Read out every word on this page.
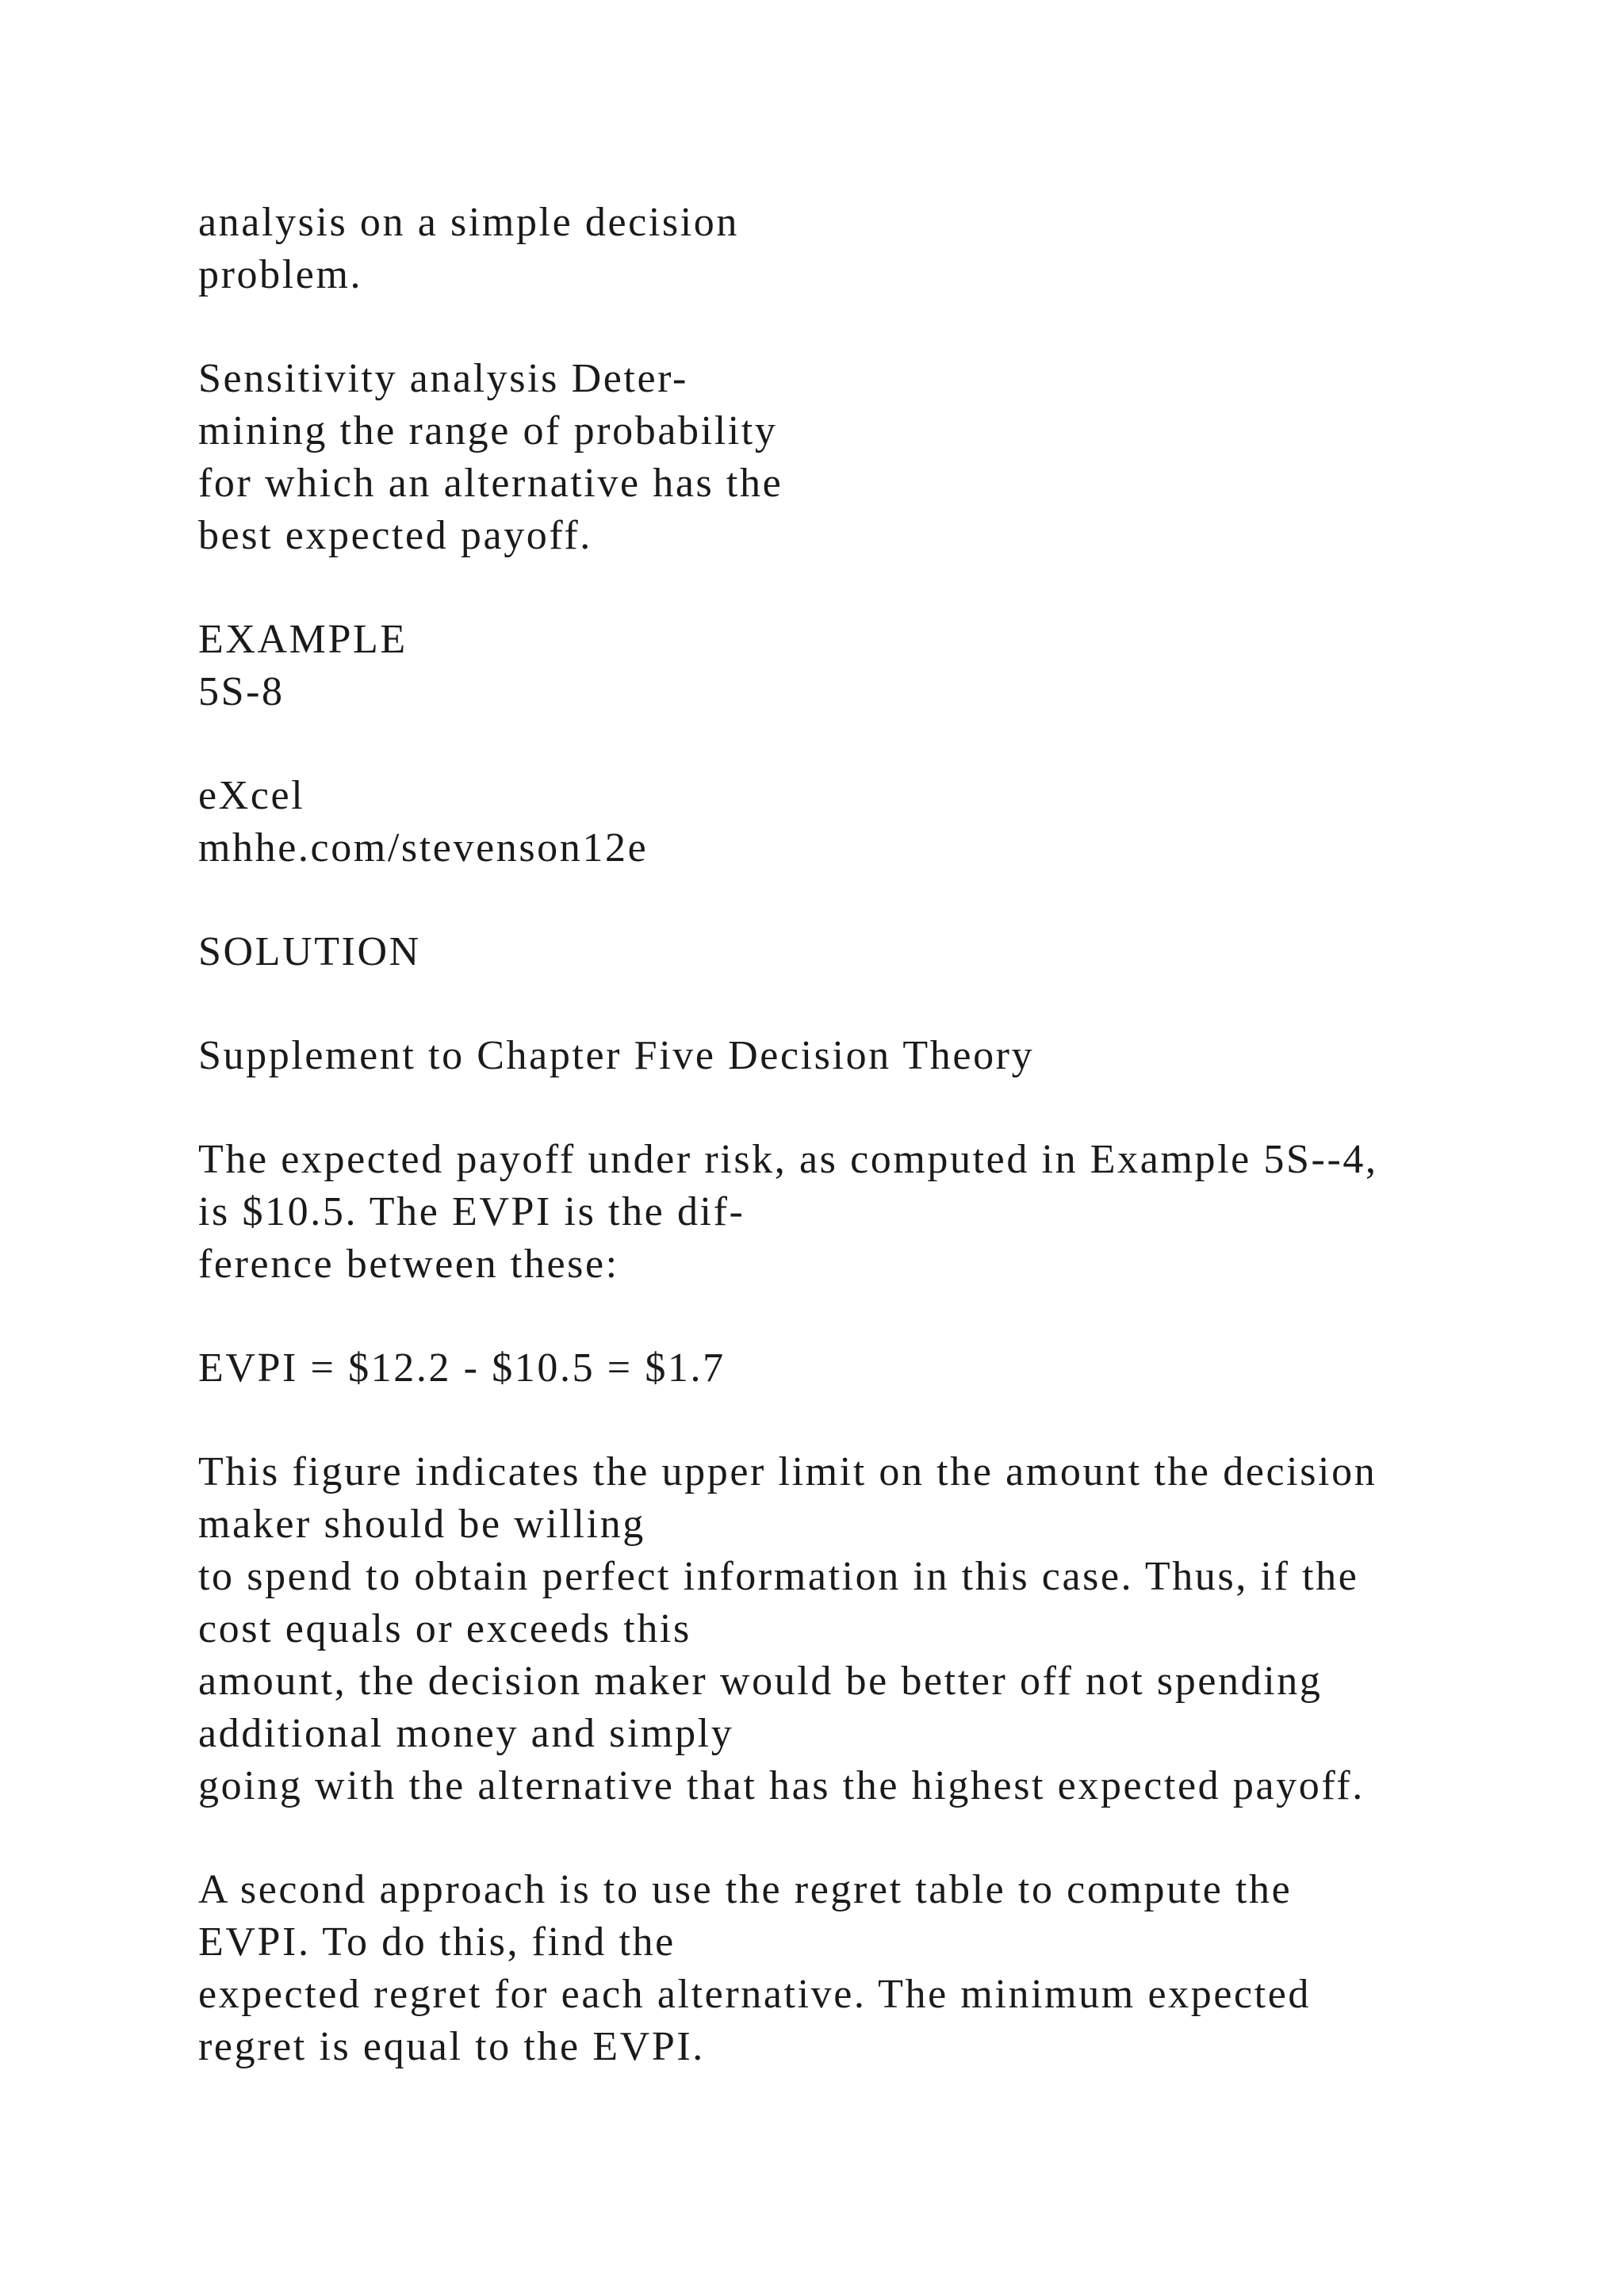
analysis on a simple decision
problem.
Sensitivity analysis Deter-
mining the range of probability
for which an alternative has the
best expected payoff.
EXAMPLE
5S-8
eXcel
mhhe.com/stevenson12e
SOLUTION
Supplement to Chapter Five Decision Theory
The expected payoff under risk, as computed in Example 5S--4,
is $10.5. The EVPI is the dif-
ference between these:
EVPI = $12.2 - $10.5 = $1.7
This figure indicates the upper limit on the amount the decision
maker should be willing
to spend to obtain perfect information in this case. Thus, if the
cost equals or exceeds this
amount, the decision maker would be better off not spending
additional money and simply
going with the alternative that has the highest expected payoff.
A second approach is to use the regret table to compute the
EVPI. To do this, find the
expected regret for each alternative. The minimum expected
regret is equal to the EVPI.
